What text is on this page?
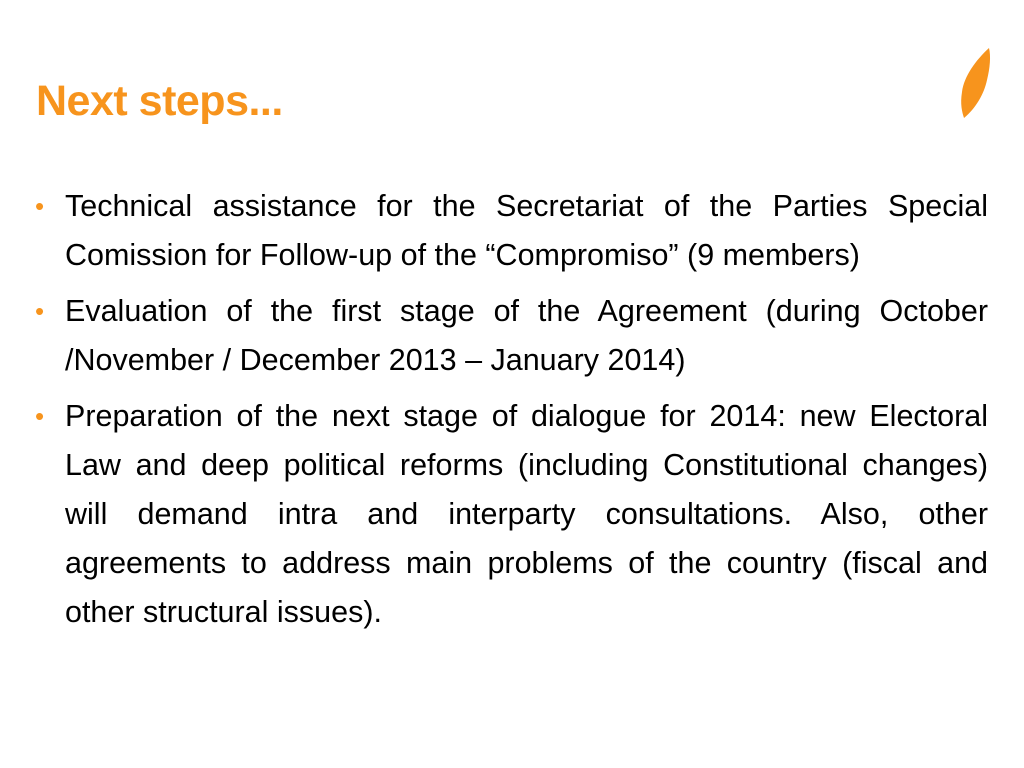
Next steps...
• Technical assistance for the Secretariat of the Parties Special Comission for Follow-up of the “Compromiso” (9 members)
• Evaluation of the first stage of the Agreement (during October /November / December 2013 – January 2014)
• Preparation of the next stage of dialogue for 2014: new Electoral Law and deep political reforms (including Constitutional changes) will demand intra and interparty consultations. Also, other agreements to address main problems of the country (fiscal and other structural issues).
